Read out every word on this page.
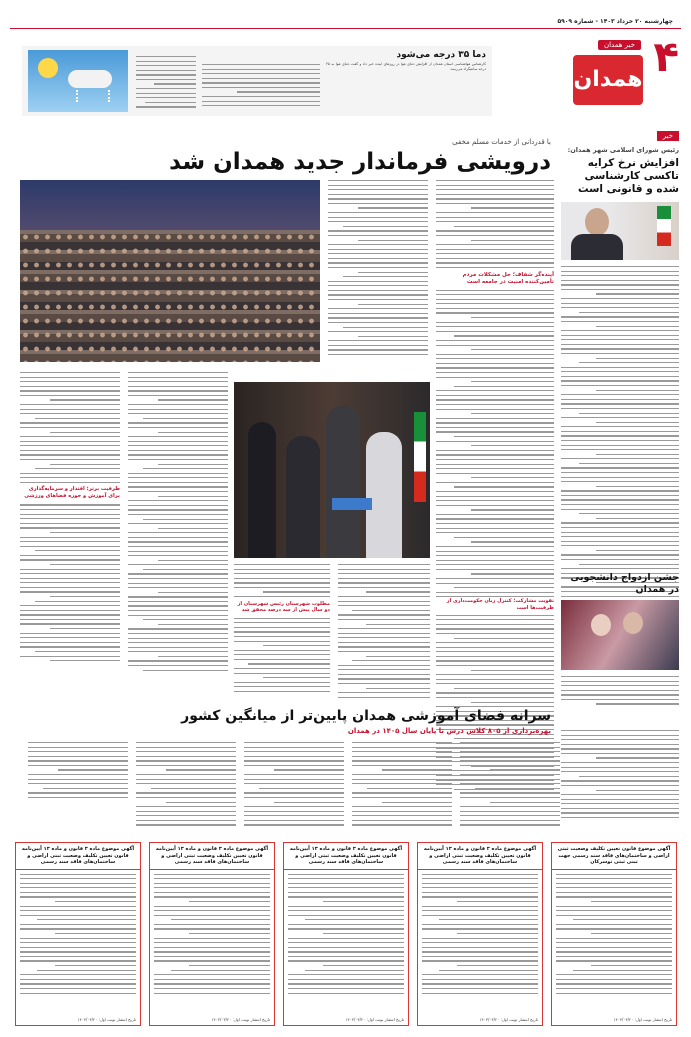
۴
خبر همدان
همدان
چهارشنبه ۲۰ خرداد ۱۴۰۳ - شماره ۵۹۰۹
دما ۳۵ درجه می‌شود
کارشناس هواشناسی استان همدان از افزایش دمای هوا در روزهای آینده خبر داد و گفت دمای هوا به ۳۵ درجه سانتیگراد می‌رسد.
خبر
رئیس شورای اسلامی شهر همدان:
افزایش نرخ کرایه تاکسی کارشناسی شده و قانونی است
جشن ازدواج دانشجویی در همدان
با قدردانی از خدمات مسلم مخفی
درویشی فرماندار جدید همدان شد
آینده‌گر شفاف؛ حل مشکلات مردم تأمین‌کننده امنیت در جامعه است
ظرفیت برتر؛ اقتدار و سرمایه‌گذاری برای آموزش و حوزه فضاهای ورزشی
مطلوب شهرستان رئیس شهرستان از دو سال پیش از سه درصد محقق شد
تقویت مشارکت؛ کنترل زبان حکومت‌داری از ظرفیت‌ها است
سرانه فضای آموزشی همدان پایین‌تر از میانگین کشور
بهره‌برداری از ۸۰۵ کلاس درس تا پایان سال ۱۴۰۵ در همدان
آگهی موضوع قانون تعیین تکلیف وضعیت ثبتی اراضی و ساختمان‌های فاقد سند رسمی جهت تبنی ثبتی توسرکان
تاریخ انتشار نوبت اول: ۱۴۰۳/۰۳/۲۰
آگهی موضوع ماده ۳ قانون و ماده ۱۳ آیین‌نامه قانون تعیین تکلیف وضعیت ثبتی اراضی و ساختمان‌های فاقد سند رسمی
تاریخ انتشار نوبت اول: ۱۴۰۳/۰۳/۲۰
آگهی موضوع ماده ۳ قانون و ماده ۱۳ آیین‌نامه قانون تعیین تکلیف وضعیت ثبتی اراضی و ساختمان‌های فاقد سند رسمی
تاریخ انتشار نوبت اول: ۱۴۰۳/۰۳/۲۰
آگهی موضوع ماده ۳ قانون و ماده ۱۳ آیین‌نامه قانون تعیین تکلیف وضعیت ثبتی اراضی و ساختمان‌های فاقد سند رسمی
تاریخ انتشار نوبت اول: ۱۴۰۳/۰۳/۲۰
آگهی موضوع ماده ۳ قانون و ماده ۱۳ آیین‌نامه قانون تعیین تکلیف وضعیت ثبتی اراضی و ساختمان‌های فاقد سند رسمی
تاریخ انتشار نوبت اول: ۱۴۰۳/۰۳/۲۰
